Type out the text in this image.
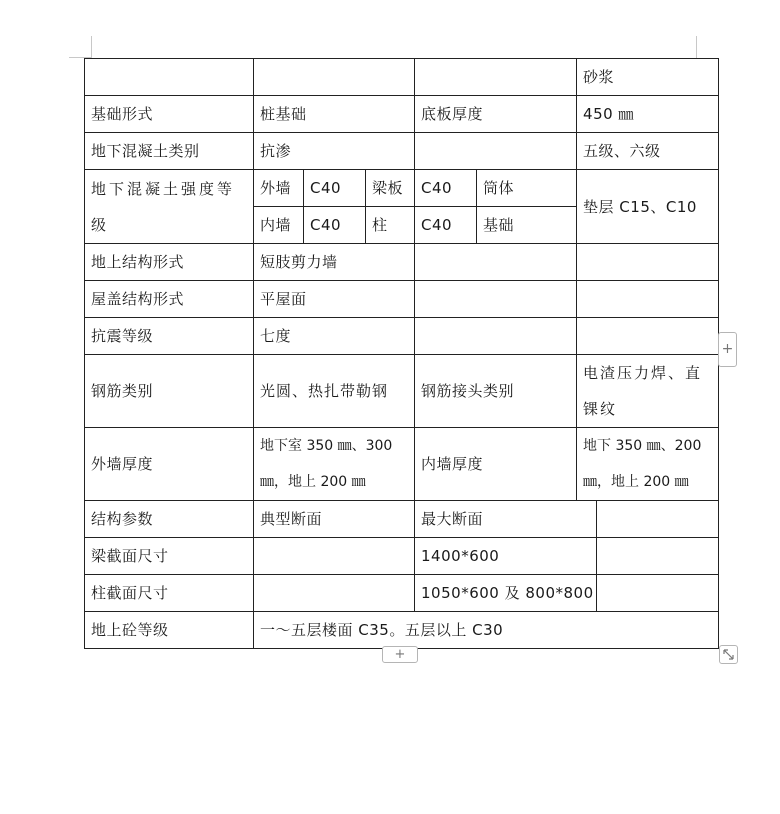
						砂浆	
基础形式	桩基础			底板厚度		450 ㎜	
地下混凝土类别	抗渗					五级、六级	
地下混凝土强度等级	外墙	C40	梁板	C40	筒体	垫层 C15、C10	
	内墙	C40	柱	C40	基础		
地上结构形式	短肢剪力墙						
屋盖结构形式	平屋面						
抗震等级	七度						
钢筋类别	光圆、热扎带勒钢			钢筋接头类别		电渣压力焊、直锞纹	
外墙厚度	地下室 350 ㎜、300 ㎜，地上 200 ㎜			内墙厚度		地下 350 ㎜、200 ㎜，地上 200 ㎜	
结构参数	典型断面			最大断面			
梁截面尺寸				1400*600			
柱截面尺寸				1050*600 及 800*800			
地上砼等级	一～五层楼面 C35。五层以上 C30						
+
+
